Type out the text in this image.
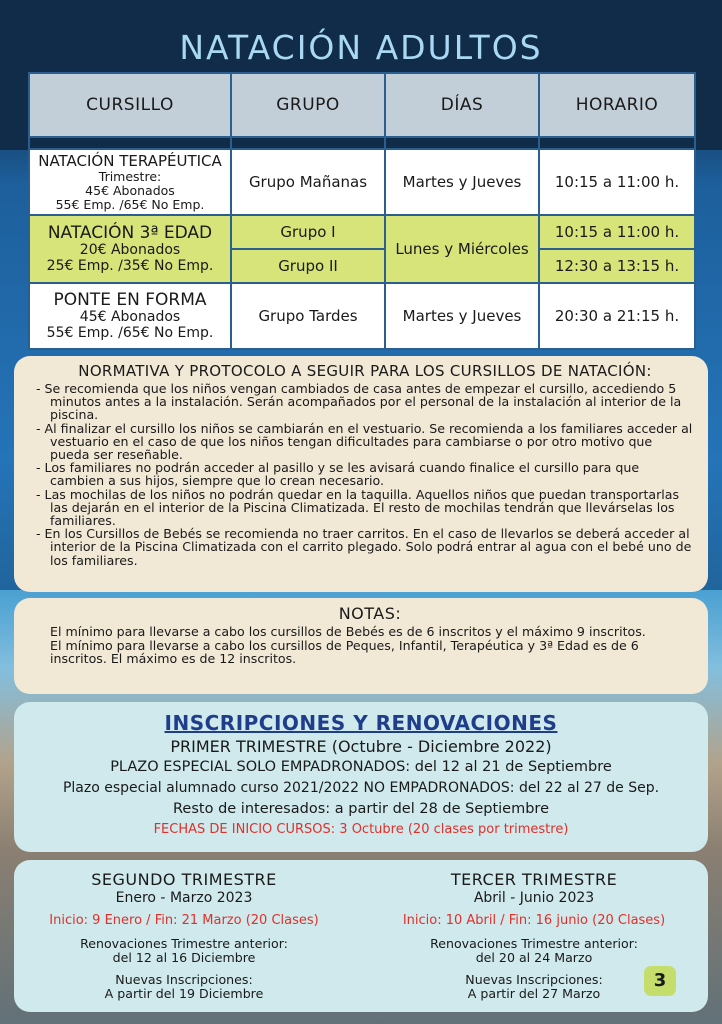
NATACIÓN ADULTOS
CURSILLO	GRUPO	DÍAS	HORARIO

NATACIÓN TERAPÉUTICA
Trimestre:
45€ Abonados
55€ Emp. /65€ No Emp.	Grupo Mañanas	Martes y Jueves	10:15 a 11:00 h.

NATACIÓN 3ª EDAD
20€ Abonados
25€ Emp. /35€ No Emp.	Grupo I	Lunes y Miércoles	10:15 a 11:00 h.
	Grupo II		12:30 a 13:15 h.

PONTE EN FORMA
45€ Abonados
55€ Emp. /65€ No Emp.	Grupo Tardes	Martes y Jueves	20:30 a 21:15 h.
NORMATIVA Y PROTOCOLO A SEGUIR PARA LOS CURSILLOS DE NATACIÓN:
- Se recomienda que los niños vengan cambiados de casa antes de empezar el cursillo, accediendo 5 minutos antes a la instalación. Serán acompañados por el personal de la instalación al interior de la piscina.
- Al finalizar el cursillo los niños se cambiarán en el vestuario. Se recomienda a los familiares acceder al vestuario en el caso de que los niños tengan dificultades para cambiarse o por otro motivo que pueda ser reseñable.
- Los familiares no podrán acceder al pasillo y se les avisará cuando finalice el cursillo para que cambien a sus hijos, siempre que lo crean necesario.
- Las mochilas de los niños no podrán quedar en la taquilla. Aquellos niños que puedan transportarlas las dejarán en el interior de la Piscina Climatizada. El resto de mochilas tendrán que llevárselas los familiares.
- En los Cursillos de Bebés se recomienda no traer carritos. En el caso de llevarlos se deberá acceder al interior de la Piscina Climatizada con el carrito plegado. Solo podrá entrar al agua con el bebé uno de los familiares.
NOTAS:
El mínimo para llevarse a cabo los cursillos de Bebés es de 6 inscritos y el máximo 9 inscritos.
El mínimo para llevarse a cabo los cursillos de Peques, Infantil, Terapéutica y 3ª Edad es de 6 inscritos. El máximo es de 12 inscritos.
INSCRIPCIONES Y RENOVACIONES
PRIMER TRIMESTRE (Octubre - Diciembre 2022)
PLAZO ESPECIAL SOLO EMPADRONADOS: del 12 al 21 de Septiembre
Plazo especial alumnado curso 2021/2022 NO EMPADRONADOS: del 22 al 27 de Sep.
Resto de interesados: a partir del 28 de Septiembre
FECHAS DE INICIO CURSOS: 3 Octubre (20 clases por trimestre)
SEGUNDO TRIMESTRE
Enero - Marzo 2023
Inicio: 9 Enero / Fin: 21 Marzo (20 Clases)
Renovaciones Trimestre anterior:
del 12 al 16 Diciembre
Nuevas Inscripciones:
A partir del 19 Diciembre
TERCER TRIMESTRE
Abril - Junio 2023
Inicio: 10 Abril / Fin: 16 junio (20 Clases)
Renovaciones Trimestre anterior:
del 20 al 24 Marzo
Nuevas Inscripciones:
A partir del 27 Marzo
3
